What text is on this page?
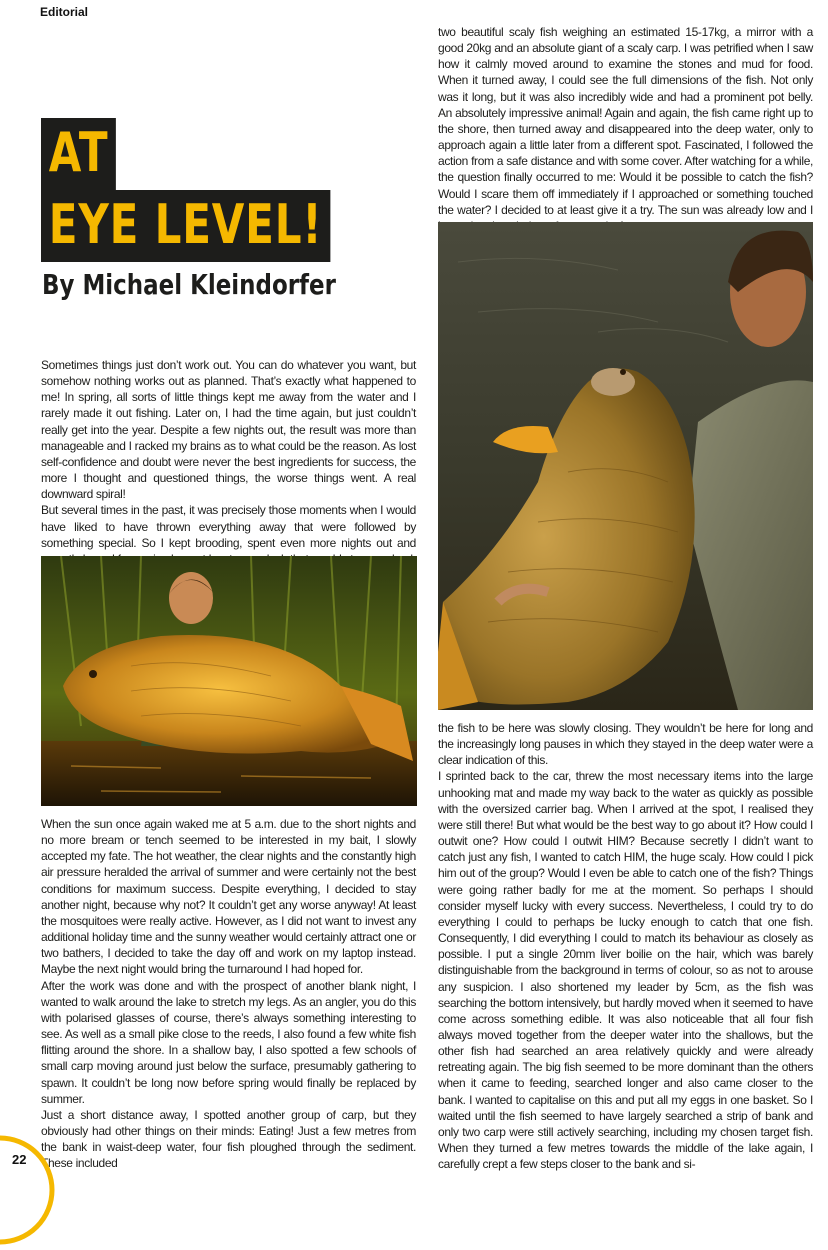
Editorial
AT
EYE LEVEL!
By Michael Kleindorfer

Sometimes things just don’t work out. You can do whatever you want, but somehow nothing works out as planned. That’s exactly what happened to me! In spring, all sorts of little things kept me away from the water and I rarely made it out fishing. Later on, I had the time again, but just couldn’t really get into the year. Despite a few nights out, the result was more than manageable and I racked my brains as to what could be the reason. As lost self-confidence and doubt were never the best ingredients for success, the more I thought and questioned things, the worse things went. A real downward spiral!

But several times in the past, it was precisely those moments when I would have liked to have thrown everything away that were followed by something special. So I kept brooding, spent even more nights out and

When the sun once again waked me at 5 a.m. due to the short nights and no more bream or tench seemed to be interested in my bait, I slowly accepted my fate. The hot weather, the clear nights and the constantly high air pressure heralded the arrival of summer and were certainly not the best conditions for maximum success. Despite everything, I decided to stay another night, because why not? It couldn’t get any worse anyway! At least the mosquitoes were really active. However, as I did not want to invest any additional holiday time and the sunny weather would certainly attract one or two bathers, I decided to take the day off and work on my laptop instead. Maybe the next night would bring the turnaround I had hoped for.

After the work was done and with the prospect of another blank night, I wanted to walk around the lake to stretch my legs. As an angler, you do this with polarised glasses of course, there’s always something interesting to see. As well as a small pike close to the reeds, I also found a few white fish flitting around the shore. In a shallow bay, I also spotted a few schools of small carp moving around just below the surface, presumably gathering to spawn. It couldn’t be long now before spring would finally be replaced by summer.

Just a short distance away, I spotted another group of carp, but they obviously had other things on their minds: Eating! Just a few metres from the bank in waist-deep water, four fish ploughed through the sediment. These included

two beautiful scaly fish weighing an estimated 15-17kg, a mirror with a good 20kg and an absolute giant of a scaly carp. I was petrified when I saw how it calmly moved around to examine the stones and mud for food. When it turned away, I could see the full dimensions of the fish. Not only was it long, but it was also incredibly wide and had a prominent pot belly. An absolutely impressive animal! Again and again, the fish came right up to the shore, then turned away and disappeared into the deep water, only to approach again a little later from a different spot. Fascinated, I followed the action from a safe distance and with some cover. After watching for a while, the question finally occurred to me: Would it be possible to catch the fish? Would I scare them off immediately if I approached or something touched the water? I decided to at least give it a try. The sun was already low and I

the fish to be here was slowly closing. They wouldn’t be here for long and the increasingly long pauses in which they stayed in the deep water were a clear indication of this.

I sprinted back to the car, threw the most necessary items into the large unhooking mat and made my way back to the water as quickly as possible with the oversized carrier bag. When I arrived at the spot, I realised they were still there! But what would be the best way to go about it? How could I outwit one? How could I outwit HIM? Because secretly I didn’t want to catch just any fish, I wanted to catch HIM, the huge scaly. How could I pick him out of the group? Would I even be able to catch one of the fish? Things were going rather badly for me at the moment. So perhaps I should consider myself lucky with every success. Nevertheless, I could try to do everything I could to perhaps be lucky enough to catch that one fish. Consequently, I did everything I could to match its behaviour as closely as possible. I put a single 20mm liver boilie on the hair, which was barely distinguishable from the background in terms of colour, so as not to arouse any suspicion. I also shortened my leader by 5cm, as the fish was searching the bottom intensively, but hardly moved when it seemed to have come across something edible. It was also noticeable that all four fish always moved together from the deeper water into the shallows, but the other fish had searched an area relatively quickly and were already retreating again. The big fish seemed to be more dominant than the others when it came to feeding, searched longer and also came closer to the bank. I wanted to capitalise on this and put all my eggs in one basket. So I waited until the fish seemed to have largely searched a strip of bank and only two carp were still actively searching, including my chosen target fish. When they turned a few metres towards the middle of the lake again, I carefully crept a few steps closer to the bank and si-

22
